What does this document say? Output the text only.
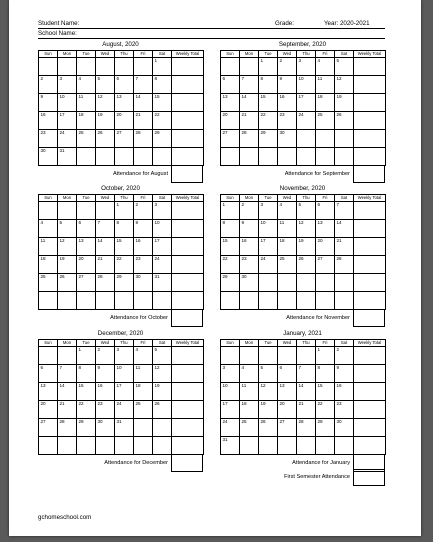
Student Name:	Grade:	Year: 2020-2021
School Name:
August, 2020
Sun	Mon	Tue	Wed	Thu	Fri	Sat	Weekly Total
						1	
2	3	4	5	6	7	8	
9	10	11	12	13	14	15	
16	17	18	19	20	21	22	
23	24	25	26	27	28	29	
30	31						
Attendance for August
September, 2020
Sun	Mon	Tue	Wed	Thu	Fri	Sat	Weekly Total
		1	2	3	4	5	
6	7	8	9	10	11	12	
13	14	15	16	17	18	19	
20	21	22	23	24	25	26	
27	28	29	30				

Attendance for September
October, 2020
Sun	Mon	Tue	Wed	Thu	Fri	Sat	Weekly Total
				1	2	3	
4	5	6	7	8	9	10	
11	12	13	14	15	16	17	
18	19	20	21	22	23	24	
25	26	27	28	29	30	31	

Attendance for October
November, 2020
Sun	Mon	Tue	Wed	Thu	Fri	Sat	Weekly Total
1	2	3	4	5	6	7	
8	9	10	11	12	13	14	
15	16	17	18	19	20	21	
22	23	24	25	26	27	28	
29	30						

Attendance for November
December, 2020
Sun	Mon	Tue	Wed	Thu	Fri	Sat	Weekly Total
		1	2	3	4	5	
6	7	8	9	10	11	12	
13	14	15	16	17	18	19	
20	21	22	23	24	25	26	
27	28	29	30	31			

Attendance for December
January, 2021
Sun	Mon	Tue	Wed	Thu	Fri	Sat	Weekly Total
					1	2	
3	4	5	6	7	8	9	
10	11	12	13	14	15	16	
17	18	19	20	21	22	23	
24	25	26	27	28	29	30	
31							
Attendance for January
First Semester Attendance
gchomeschool.com
